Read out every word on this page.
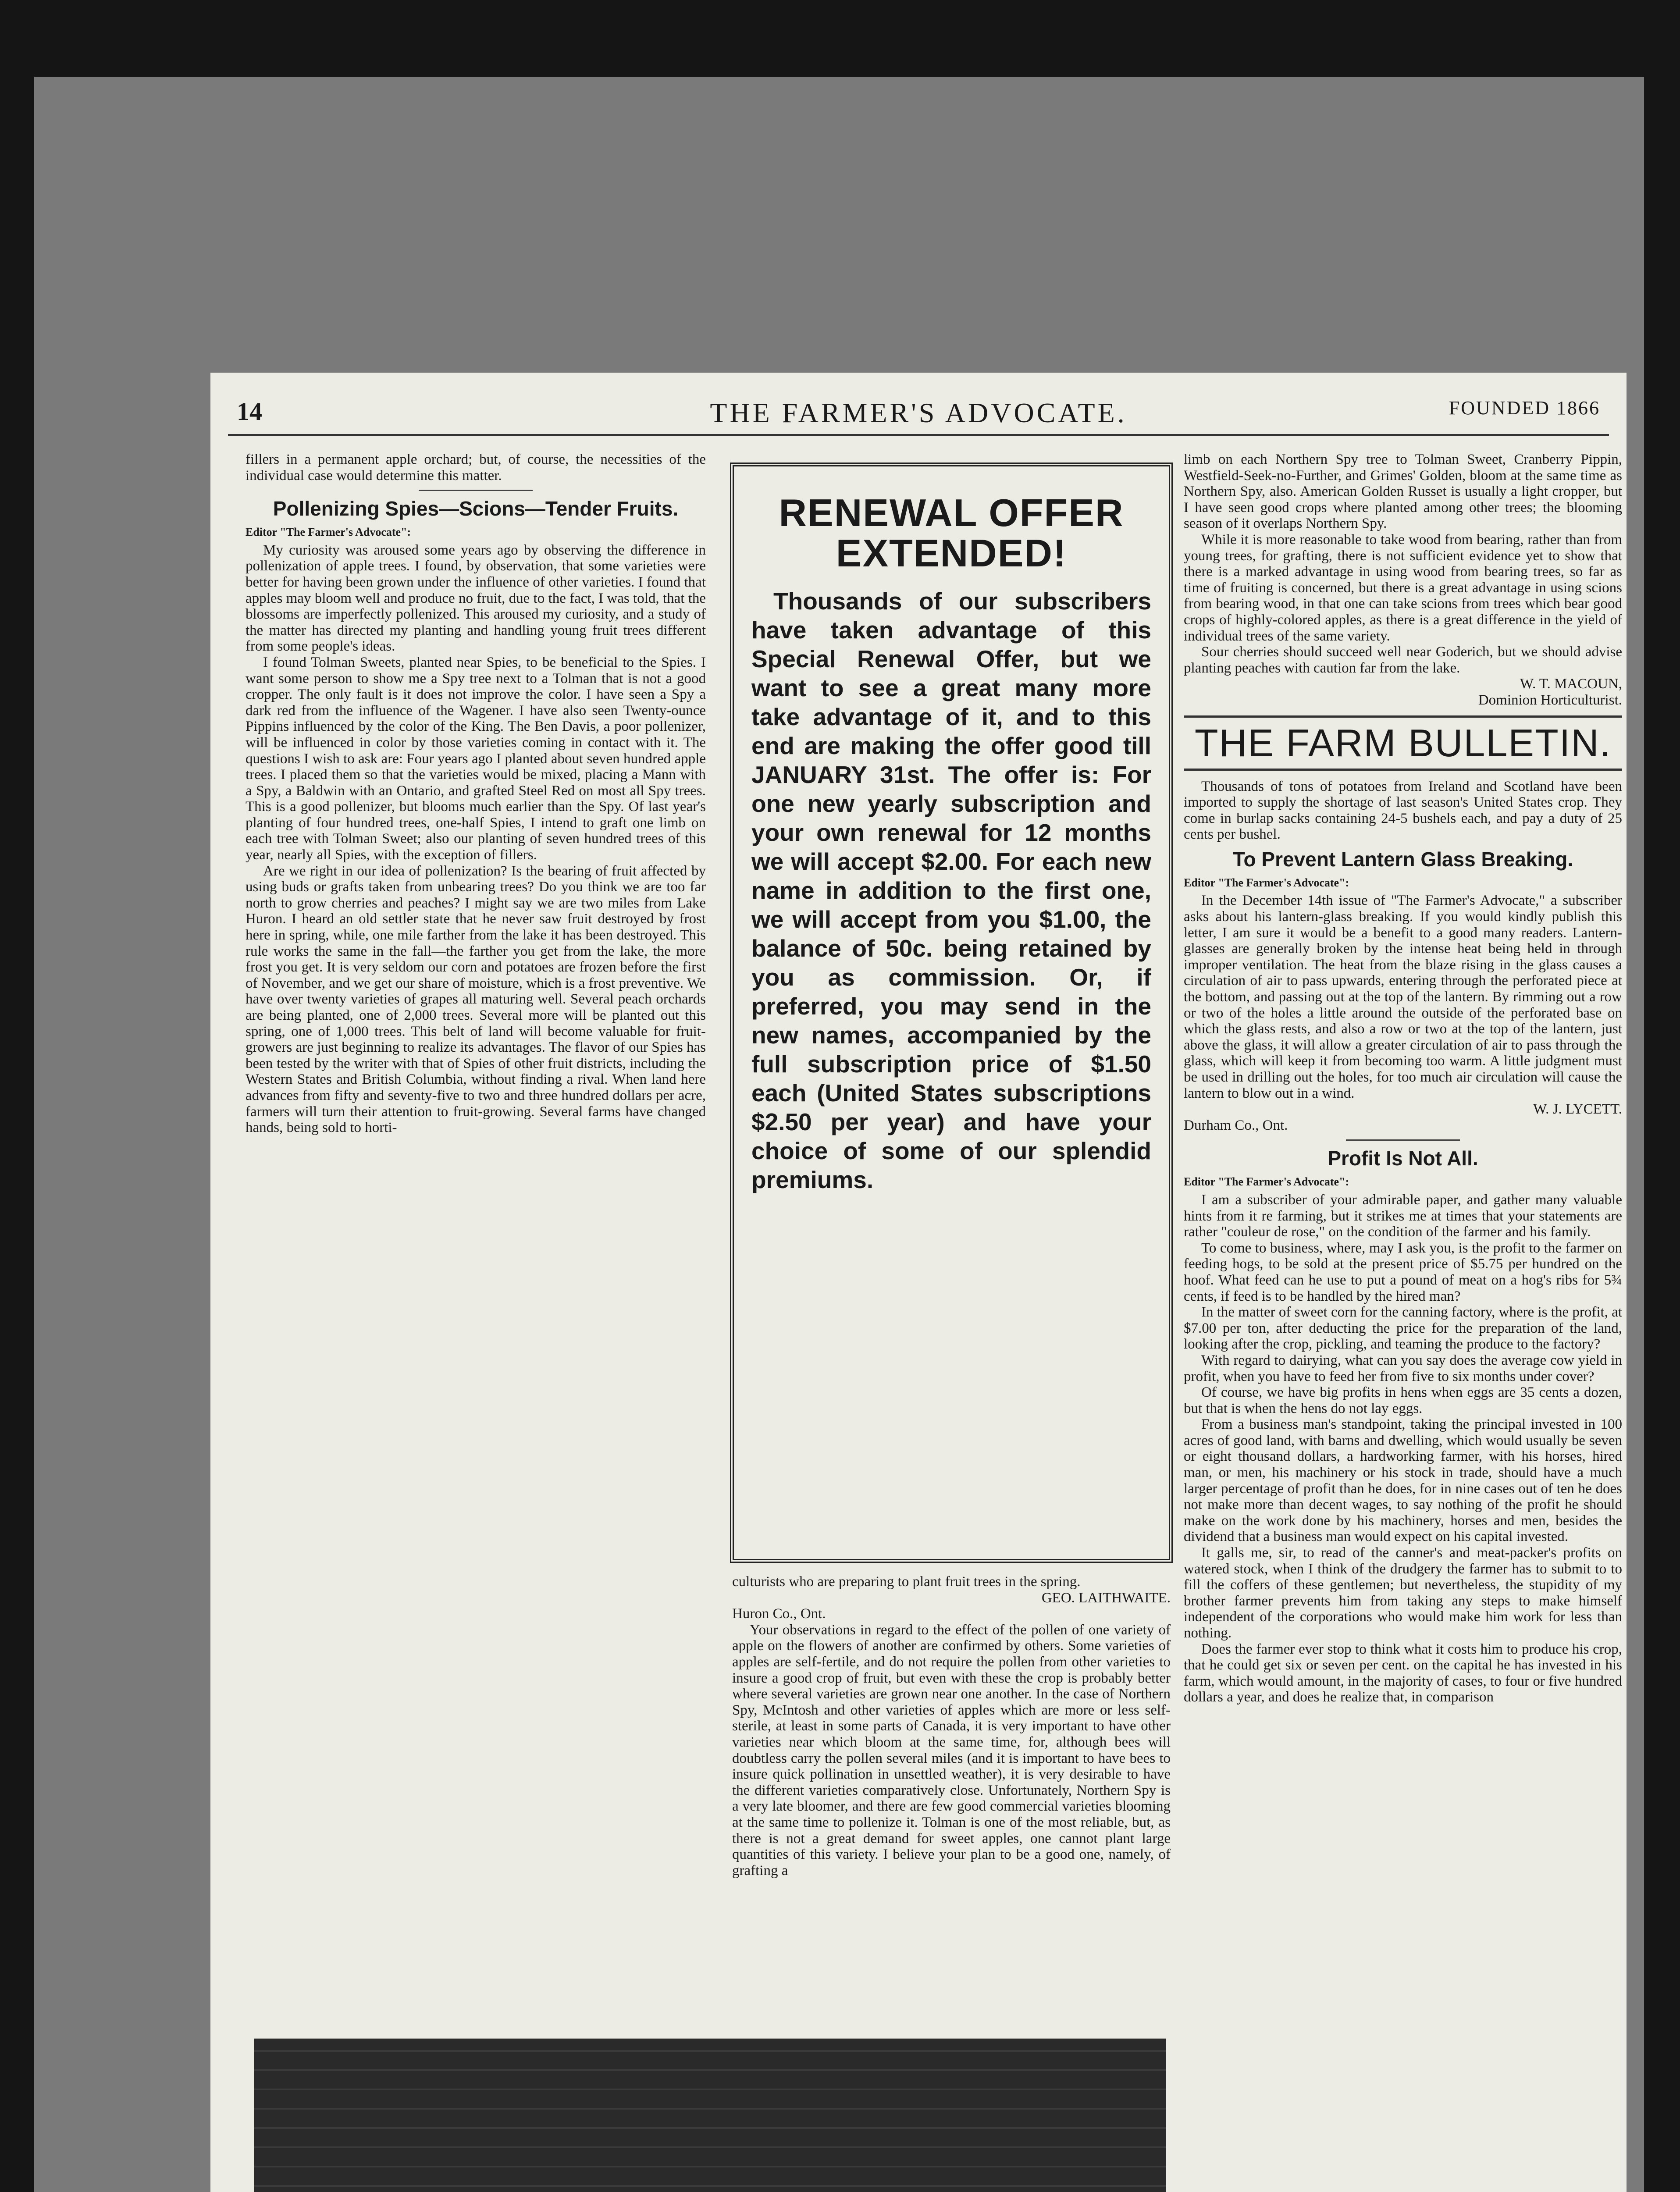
THE FARMER'S ADVOCATE.
14	FOUNDED 1866

fillers in a permanent apple orchard; but, of course, the necessities of the individual case would determine this matter.

Pollenizing Spies—Scions—Tender Fruits.

Editor "The Farmer's Advocate":

My curiosity was aroused some years ago by observing the difference in pollenization of apple trees. I found, by observation, that some varieties were better for having been grown under the influence of other varieties. I found that apples may bloom well and produce no fruit, due to the fact, I was told, that the blossoms are imperfectly pollenized. This aroused my curiosity, and a study of the matter has directed my planting and handling young fruit trees different from some people's ideas.

I found Tolman Sweets, planted near Spies, to be beneficial to the Spies. I want some person to show me a Spy tree next to a Tolman that is not a good cropper. The only fault is it does not improve the color. I have seen a Spy a dark red from the influence of the Wagener. I have also seen Twenty-ounce Pippins influenced by the color of the King. The Ben Davis, a poor pollenizer, will be influenced in color by those varieties coming in contact with it. The questions I wish to ask are: Four years ago I planted about seven hundred apple trees. I placed them so that the varieties would be mixed, placing a Mann with a Spy, a Baldwin with an Ontario, and grafted Steel Red on most all Spy trees. This is a good pollenizer, but blooms much earlier than the Spy. Of last year's planting of four hundred trees, one-half Spies, I intend to graft one limb on each tree with Tolman Sweet; also our planting of seven hundred trees of this year, nearly all Spies, with the exception of fillers.

Are we right in our idea of pollenization? Is the bearing of fruit affected by using buds or grafts taken from unbearing trees? Do you think we are too far north to grow cherries and peaches? I might say we are two miles from Lake Huron. I heard an old settler state that he never saw fruit destroyed by frost here in spring, while, one mile farther from the lake it has been destroyed. This rule works the same in the fall—the farther you get from the lake, the more frost you get. It is very seldom our corn and potatoes are frozen before the first of November, and we get our share of moisture, which is a frost preventive. We have over twenty varieties of grapes all maturing well. Several peach orchards are being planted, one of 2,000 trees. Several more will be planted out this spring, one of 1,000 trees. This belt of land will become valuable for fruit-growers are just beginning to realize its advantages. The flavor of our Spies has been tested by the writer with that of Spies of other fruit districts, including the Western States and British Columbia, without finding a rival. When land here advances from fifty and seventy-five to two and three hundred dollars per acre, farmers will turn their attention to fruit-growing. Several farms have changed hands, being sold to horti-

RENEWAL OFFER EXTENDED!

Thousands of our subscribers have taken advantage of this Special Renewal Offer, but we want to see a great many more take advantage of it, and to this end are making the offer good till JANUARY 31st. The offer is: For one new yearly subscription and your own renewal for 12 months we will accept $2.00. For each new name in addition to the first one, we will accept from you $1.00, the balance of 50c. being retained by you as commission. Or, if preferred, you may send in the new names, accompanied by the full subscription price of $1.50 each (United States subscriptions $2.50 per year) and have your choice of some of our splendid premiums.

culturists who are preparing to plant fruit trees in the spring.

GEO. LAITHWAITE.

Huron Co., Ont.

Your observations in regard to the effect of the pollen of one variety of apple on the flowers of another are confirmed by others. Some varieties of apples are self-fertile, and do not require the pollen from other varieties to insure a good crop of fruit, but even with these the crop is probably better where several varieties are grown near one another. In the case of Northern Spy, McIntosh and other varieties of apples which are more or less self-sterile, at least in some parts of Canada, it is very important to have other varieties near which bloom at the same time, for, although bees will doubtless carry the pollen several miles (and it is important to have bees to insure quick pollination in unsettled weather), it is very desirable to have the different varieties comparatively close. Unfortunately, Northern Spy is a very late bloomer, and there are few good commercial varieties blooming at the same time to pollenize it. Tolman is one of the most reliable, but, as there is not a great demand for sweet apples, one cannot plant large quantities of this variety. I believe your plan to be a good one, namely, of grafting a

limb on each Northern Spy tree to Tolman Sweet, Cranberry Pippin, Westfield-Seek-no-Further, and Grimes' Golden, bloom at the same time as Northern Spy, also. American Golden Russet is usually a light cropper, but I have seen good crops where planted among other trees; the blooming season of it overlaps Northern Spy.

While it is more reasonable to take wood from bearing, rather than from young trees, for grafting, there is not sufficient evidence yet to show that there is a marked advantage in using wood from bearing trees, so far as time of fruiting is concerned, but there is a great advantage in using scions from bearing wood, in that one can take scions from trees which bear good crops of highly-colored apples, as there is a great difference in the yield of individual trees of the same variety.

Sour cherries should succeed well near Goderich, but we should advise planting peaches with caution far from the lake.

W. T. MACOUN,

Dominion Horticulturist.

THE FARM BULLETIN.

Thousands of tons of potatoes from Ireland and Scotland have been imported to supply the shortage of last season's United States crop. They come in burlap sacks containing 24-5 bushels each, and pay a duty of 25 cents per bushel.

To Prevent Lantern Glass Breaking.

Editor "The Farmer's Advocate":

In the December 14th issue of "The Farmer's Advocate," a subscriber asks about his lantern-glass breaking. If you would kindly publish this letter, I am sure it would be a benefit to a good many readers. Lantern-glasses are generally broken by the intense heat being held in through improper ventilation. The heat from the blaze rising in the glass causes a circulation of air to pass upwards, entering through the perforated piece at the bottom, and passing out at the top of the lantern. By rimming out a row or two of the holes a little around the outside of the perforated base on which the glass rests, and also a row or two at the top of the lantern, just above the glass, it will allow a greater circulation of air to pass through the glass, which will keep it from becoming too warm. A little judgment must be used in drilling out the holes, for too much air circulation will cause the lantern to blow out in a wind.

W. J. LYCETT.

Durham Co., Ont.

Profit Is Not All.

Editor "The Farmer's Advocate":

I am a subscriber of your admirable paper, and gather many valuable hints from it re farming, but it strikes me at times that your statements are rather "couleur de rose," on the condition of the farmer and his family.

To come to business, where, may I ask you, is the profit to the farmer on feeding hogs, to be sold at the present price of $5.75 per hundred on the hoof. What feed can he use to put a pound of meat on a hog's ribs for 5¾ cents, if feed is to be handled by the hired man?

In the matter of sweet corn for the canning factory, where is the profit, at $7.00 per ton, after deducting the price for the preparation of the land, looking after the crop, pickling, and teaming the produce to the factory?

With regard to dairying, what can you say does the average cow yield in profit, when you have to feed her from five to six months under cover?

Of course, we have big profits in hens when eggs are 35 cents a dozen, but that is when the hens do not lay eggs.

From a business man's standpoint, taking the principal invested in 100 acres of good land, with barns and dwelling, which would usually be seven or eight thousand dollars, a hardworking farmer, with his horses, hired man, or men, his machinery or his stock in trade, should have a much larger percentage of profit than he does, for in nine cases out of ten he does not make more than decent wages, to say nothing of the profit he should make on the work done by his machinery, horses and men, besides the dividend that a business man would expect on his capital invested.

It galls me, sir, to read of the canner's and meat-packer's profits on watered stock, when I think of the drudgery the farmer has to submit to to fill the coffers of these gentlemen; but nevertheless, the stupidity of my brother farmer prevents him from taking any steps to make himself independent of the corporations who would make him work for less than nothing.

Does the farmer ever stop to think what it costs him to produce his crop, that he could get six or seven per cent. on the capital he has invested in his farm, which would amount, in the majority of cases, to four or five hundred dollars a year, and does he realize that, in comparison
